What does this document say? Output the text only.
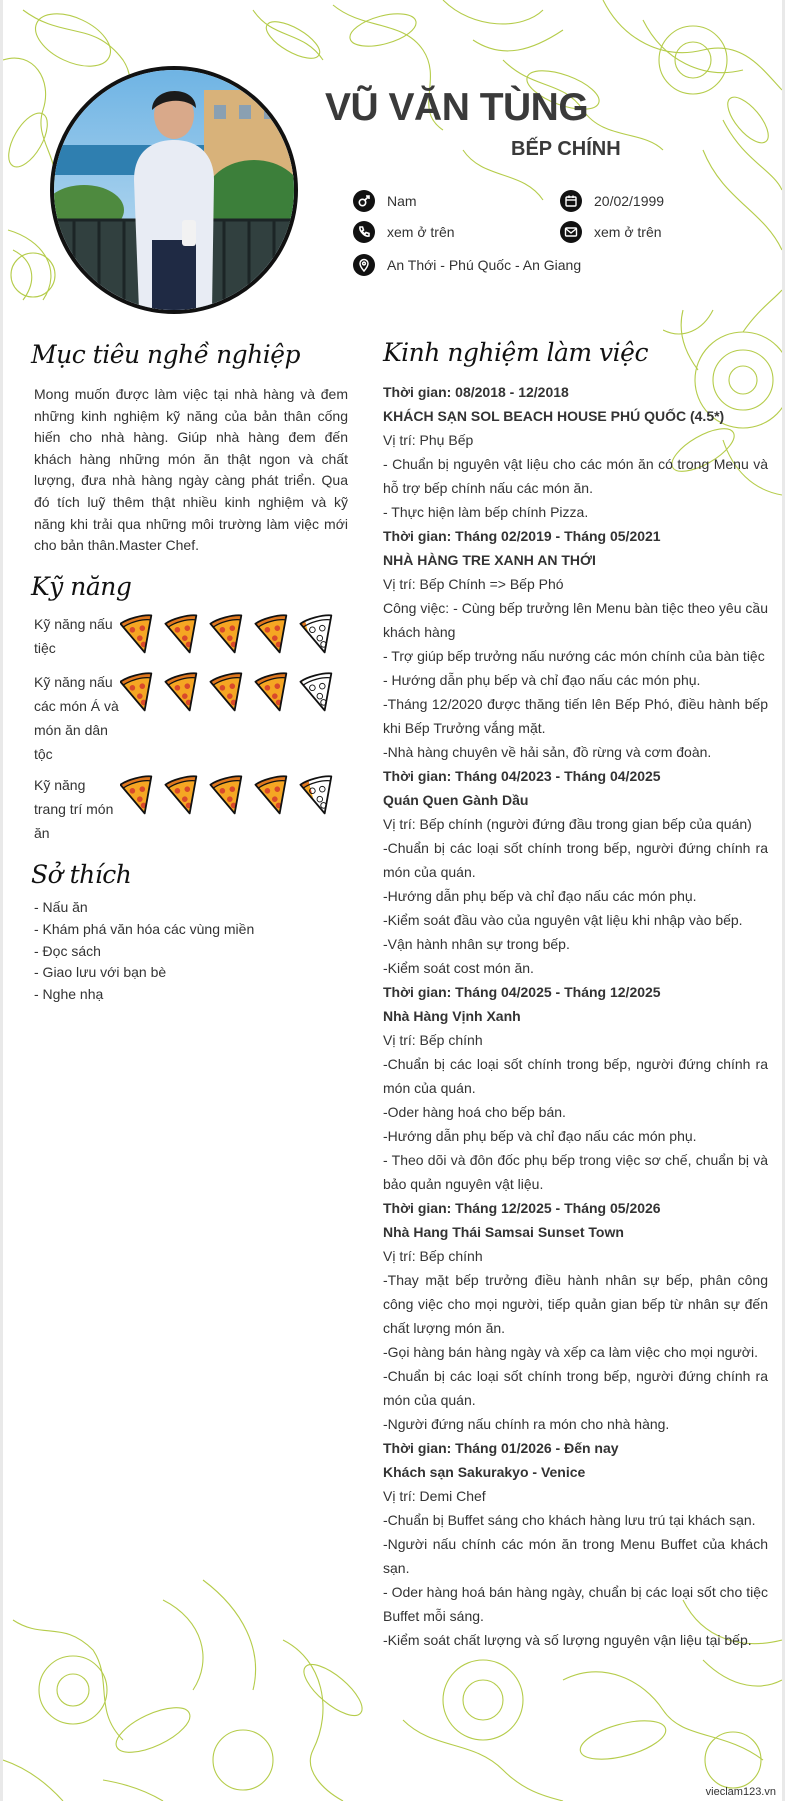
VŨ VĂN TÙNG
BẾP CHÍNH
Nam	20/02/1999
xem ở trên	xem ở trên
An Thới - Phú Quốc - An Giang
Mục tiêu nghề nghiệp
Mong muốn được làm việc tại nhà hàng và đem những kinh nghiệm kỹ năng của bản thân cống hiến cho nhà hàng. Giúp nhà hàng đem đến khách hàng những món ăn thật ngon và chất lượng, đưa nhà hàng ngày càng phát triển. Qua đó tích luỹ thêm thật nhiều kinh nghiệm và kỹ năng khi trải qua những môi trường làm việc mới cho bản thân.Master Chef.
Kỹ năng
Kỹ năng nấu tiệc
Kỹ năng nấu các món Á và món ăn dân tộc
Kỹ năng trang trí món ăn
Sở thích
- Nấu ăn
- Khám phá văn hóa các vùng miền
- Đọc sách
- Giao lưu với bạn bè
- Nghe nhạ
Kinh nghiệm làm việc
Thời gian: 08/2018 - 12/2018
KHÁCH SẠN SOL BEACH HOUSE PHÚ QUỐC (4.5*)
Vị trí: Phụ Bếp
- Chuẩn bị nguyên vật liệu cho các món ăn có trong Menu và hỗ trợ bếp chính nấu các món ăn.
- Thực hiện làm bếp chính Pizza.
Thời gian: Tháng 02/2019 - Tháng 05/2021
NHÀ HÀNG TRE XANH AN THỚI
Vị trí: Bếp Chính => Bếp Phó
Công việc: - Cùng bếp trưởng lên Menu bàn tiệc theo yêu cầu khách hàng
- Trợ giúp bếp trưởng nấu nướng các món chính của bàn tiệc
- Hướng dẫn phụ bếp và chỉ đạo nấu các món phụ.
-Tháng 12/2020 được thăng tiến lên Bếp Phó, điều hành bếp khi Bếp Trưởng vắng mặt.
-Nhà hàng chuyên về hải sản, đồ rừng và cơm đoàn.
Thời gian: Tháng 04/2023 - Tháng 04/2025
Quán Quen Gành Dầu
Vị trí: Bếp chính (người đứng đầu trong gian bếp của quán)
-Chuẩn bị các loại sốt chính trong bếp, người đứng chính ra món của quán.
-Hướng dẫn phụ bếp và chỉ đạo nấu các món phụ.
-Kiểm soát đầu vào của nguyên vật liệu khi nhập vào bếp.
-Vận hành nhân sự trong bếp.
-Kiểm soát cost món ăn.
Thời gian: Tháng 04/2025 - Tháng 12/2025
Nhà Hàng Vịnh Xanh
Vị trí: Bếp chính
-Chuẩn bị các loại sốt chính trong bếp, người đứng chính ra món của quán.
-Oder hàng hoá cho bếp bán.
-Hướng dẫn phụ bếp và chỉ đạo nấu các món phụ.
- Theo dõi và đôn đốc phụ bếp trong việc sơ chế, chuẩn bị và bảo quản nguyên vật liệu.
Thời gian: Tháng 12/2025 - Tháng 05/2026
Nhà Hang Thái Samsai Sunset Town
Vị trí: Bếp chính
-Thay mặt bếp trưởng điều hành nhân sự bếp, phân công công việc cho mọi người, tiếp quản gian bếp từ nhân sự đến chất lượng món ăn.
-Gọi hàng bán hàng ngày và xếp ca làm việc cho mọi người.
-Chuẩn bị các loại sốt chính trong bếp, người đứng chính ra món của quán.
-Người đứng nấu chính ra món cho nhà hàng.
Thời gian: Tháng 01/2026 - Đến nay
Khách sạn Sakurakyo - Venice
Vị trí: Demi Chef
-Chuẩn bị Buffet sáng cho khách hàng lưu trú tại khách sạn.
-Người nấu chính các món ăn trong Menu Buffet của khách sạn.
- Oder hàng hoá bán hàng ngày, chuẩn bị các loại sốt cho tiệc Buffet mỗi sáng.
-Kiểm soát chất lượng và số lượng nguyên vận liệu tại bếp.
vieclam123.vn
